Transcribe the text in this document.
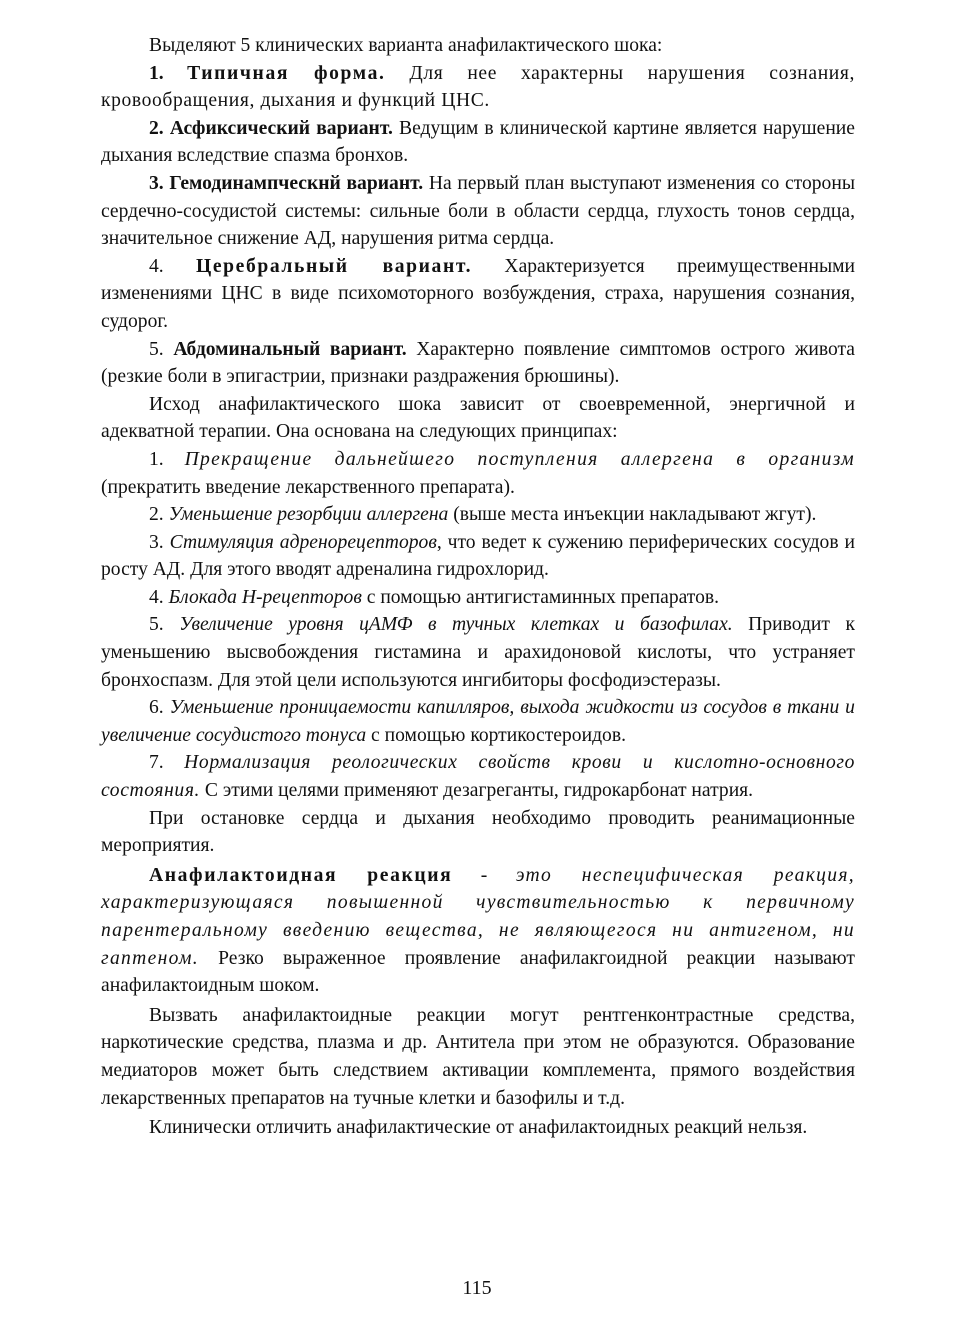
Выделяют 5 клинических варианта анафилактического шока:

1. Типичная форма. Для нее характерны нарушения сознания, кровообращения, дыхания и функций ЦНС.

2. Асфиксический вариант. Ведущим в клинической картине является нарушение дыхания вследствие спазма бронхов.

3. Гемодинампческнй вариант. На первый план выступают изменения со стороны сердечно-сосудистой системы: сильные боли в области сердца, глухость тонов сердца, значительное снижение АД, нарушения ритма сердца.

4. Церебральный вариант. Характеризуется преимущественными изменениями ЦНС в виде психомоторного возбуждения, страха, нарушения сознания, судорог.

5. Абдоминальный вариант. Характерно появление симптомов острого живота (резкие боли в эпигастрии, признаки раздражения брюшины).

Исход анафилактического шока зависит от своевременной, энергичной и адекватной терапии. Она основана на следующих принципах:

1. Прекращение дальнейшего поступления аллергена в организм (прекратить введение лекарственного препарата).

2. Уменьшение резорбции аллергена (выше места инъекции накладывают жгут).

3. Стимуляция адренорецепторов, что ведет к сужению периферических сосудов и росту АД. Для этого вводят адреналина гидрохлорид.

4. Блокада Н-рецепторов с помощью антигистаминных препаратов.

5. Увеличение уровня цАМФ в тучных клетках и базофилах. Приводит к уменьшению высвобождения гистамина и арахидоновой кислоты, что устраняет бронхоспазм. Для этой цели используются ингибиторы фосфодиэстеразы.

6. Уменьшение проницаемости капилляров, выхода жидкости из сосудов в ткани и увеличение сосудистого тонуса с помощью кортикостероидов.

7. Нормализация реологических свойств крови и кислотно-основного состояния. С этими целями применяют дезагреганты, гидрокарбонат натрия.

При остановке сердца и дыхания необходимо проводить реанимационные мероприятия.

Анафилактоидная реакция - это неспецифическая реакция, характеризующаяся повышенной чувствительностью к первичному парентеральному введению вещества, не являющегося ни антигеном, ни гаптеном. Резко выраженное проявление анафилакгоидной реакции называют анафилактоидным шоком.

Вызвать анафилактоидные реакции могут рентгенконтрастные средства, наркотические средства, плазма и др. Антитела при этом не образуются. Образование медиаторов может быть следствием активации комплемента, прямого воздействия лекарственных препаратов на тучные клетки и базофилы и т.д.

Клинически отличить анафилактические от анафилактоидных реакций нельзя.

115
